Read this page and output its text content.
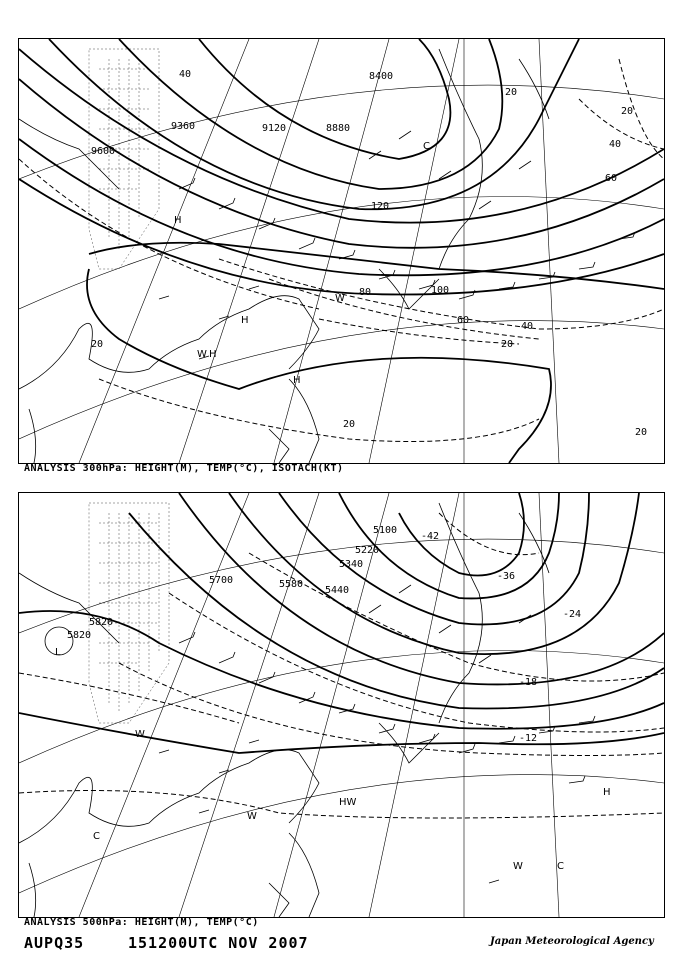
8400
8880
9120
9360
9600
20
40
60
80	100
120
20
40
20
20
20
20
60
40
H
H
W
H
W H
C
ANALYSIS 300hPa: HEIGHT(M), TEMP(°C), ISOTACH(KT)
5100
5220
5340
5440
5580
5700
5820
5820
-42
-36
-24
-18
-12
L
W
W
HW
H
W	C
C
ANALYSIS 500hPa: HEIGHT(M), TEMP(°C)
AUPQ35	151200UTC NOV 2007	Japan Meteorological Agency
